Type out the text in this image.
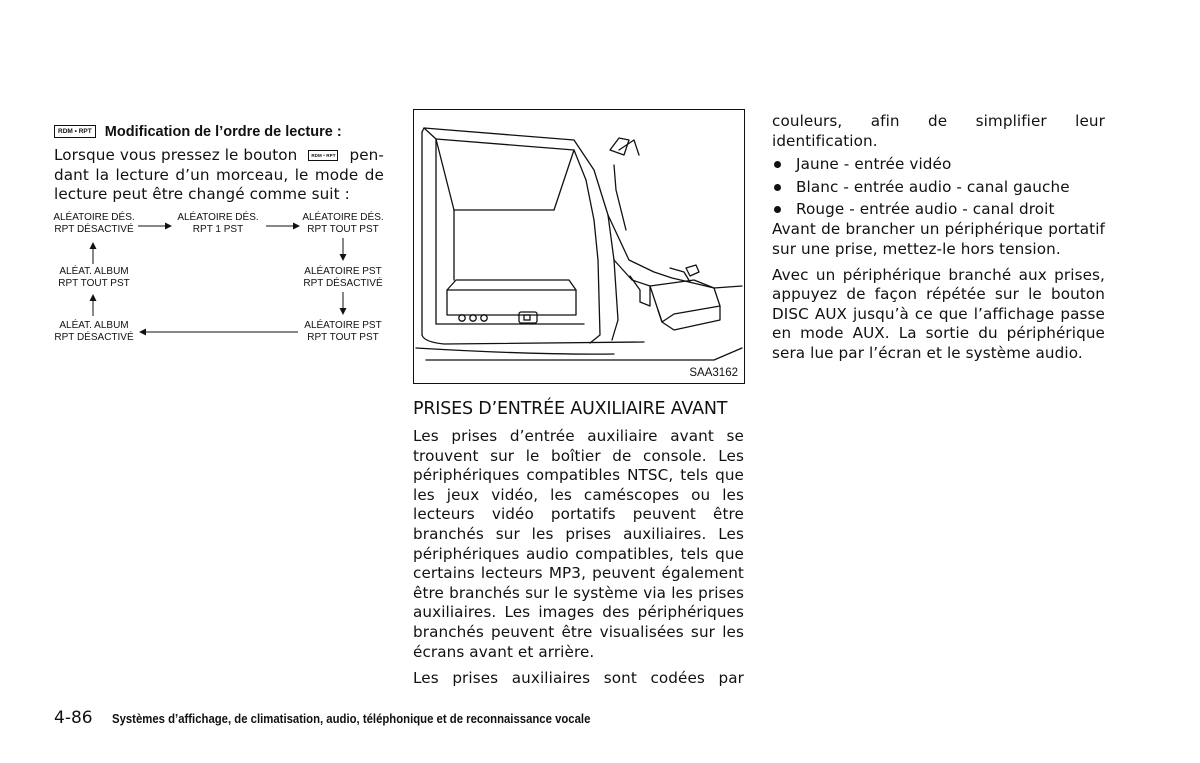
RDM • RPT Modification de l’ordre de lecture :
Lorsque vous pressez le bouton	RDM • RPT pen-
dant la lecture d’un morceau, le mode de
lecture peut être changé comme suit :
ALÉATOIRE DÉS.
RPT DÉSACTIVÉ
ALÉATOIRE DÉS.
RPT 1 PST
ALÉATOIRE DÉS.
RPT TOUT PST
ALÉATOIRE PST
RPT DÉSACTIVÉ
ALÉATOIRE PST
RPT TOUT PST
ALÉAT. ALBUM
RPT DÉSACTIVÉ
ALÉAT. ALBUM
RPT TOUT PST
SAA3162
PRISES D’ENTRÉE AUXILIAIRE AVANT

Les prises d’entrée auxiliaire avant se trouvent sur le boîtier de console. Les périphériques compatibles NTSC, tels que les jeux vidéo, les caméscopes ou les lecteurs vidéo portatifs peuvent être branchés sur les prises auxiliaires. Les périphériques audio compatibles, tels que certains lecteurs MP3, peuvent également être branchés sur le système via les prises auxiliaires. Les images des périphériques branchés peuvent être visualisées sur les écrans avant et arrière.

Les prises auxiliaires sont codées par

couleurs, afin de simplifier leur identification.

Jaune - entrée vidéo
Blanc - entrée audio - canal gauche
Rouge - entrée audio - canal droit

Avant de brancher un périphérique portatif sur une prise, mettez-le hors tension.

Avec un périphérique branché aux prises, appuyez de façon répétée sur le bouton DISC AUX jusqu’à ce que l’affichage passe en mode AUX. La sortie du périphérique sera lue par l’écran et le système audio.

4-86 Systèmes d’affichage, de climatisation, audio, téléphonique et de reconnaissance vocale
